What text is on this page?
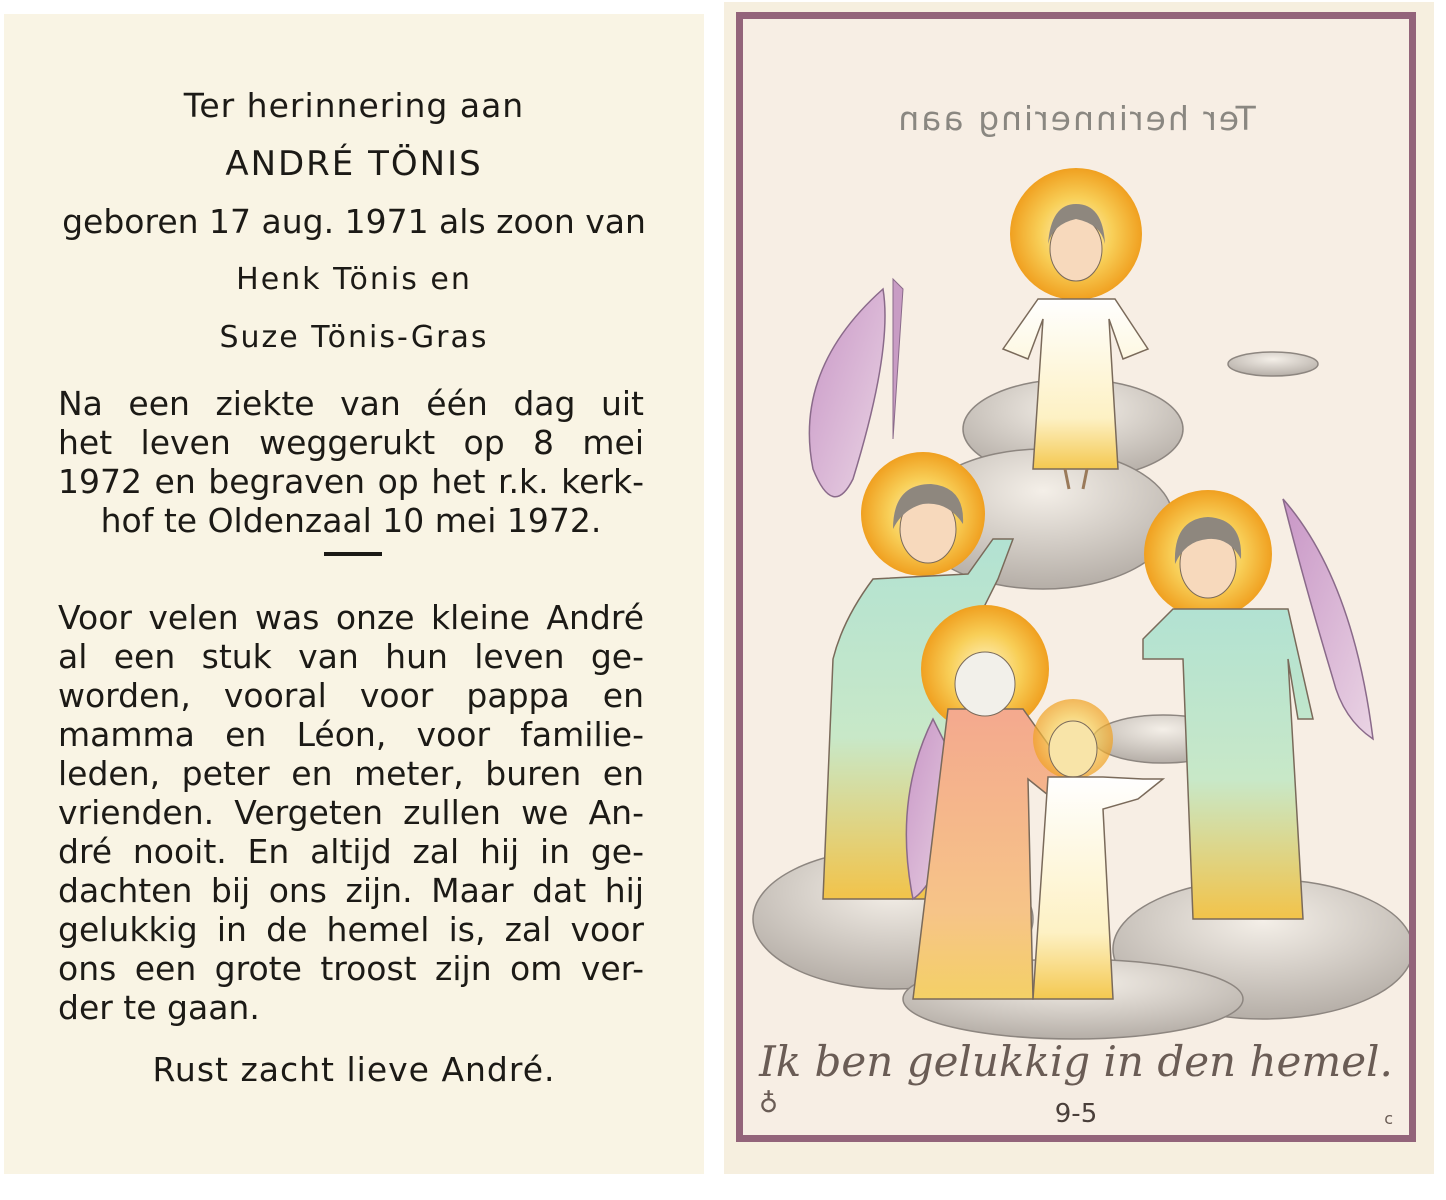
Ter herinnering aan
ANDRÉ TÖNIS
geboren 17 aug. 1971 als zoon van
Henk Tönis en
Suze Tönis-Gras
Na een ziekte van één dag uit
het leven weggerukt op 8 mei
1972 en begraven op het r.k. kerk-
hof te Oldenzaal 10 mei 1972.
Voor velen was onze kleine André
al een stuk van hun leven ge-
worden, vooral voor pappa en
mamma en Léon, voor familie-
leden, peter en meter, buren en
vrienden. Vergeten zullen we An-
dré nooit. En altijd zal hij in ge-
dachten bij ons zijn. Maar dat hij
gelukkig in de hemel is, zal voor
ons een grote troost zijn om ver-
der te gaan.
Rust zacht lieve André.
Ter herinnering aan
Ik ben gelukkig in den hemel.
9-5
♁	c
